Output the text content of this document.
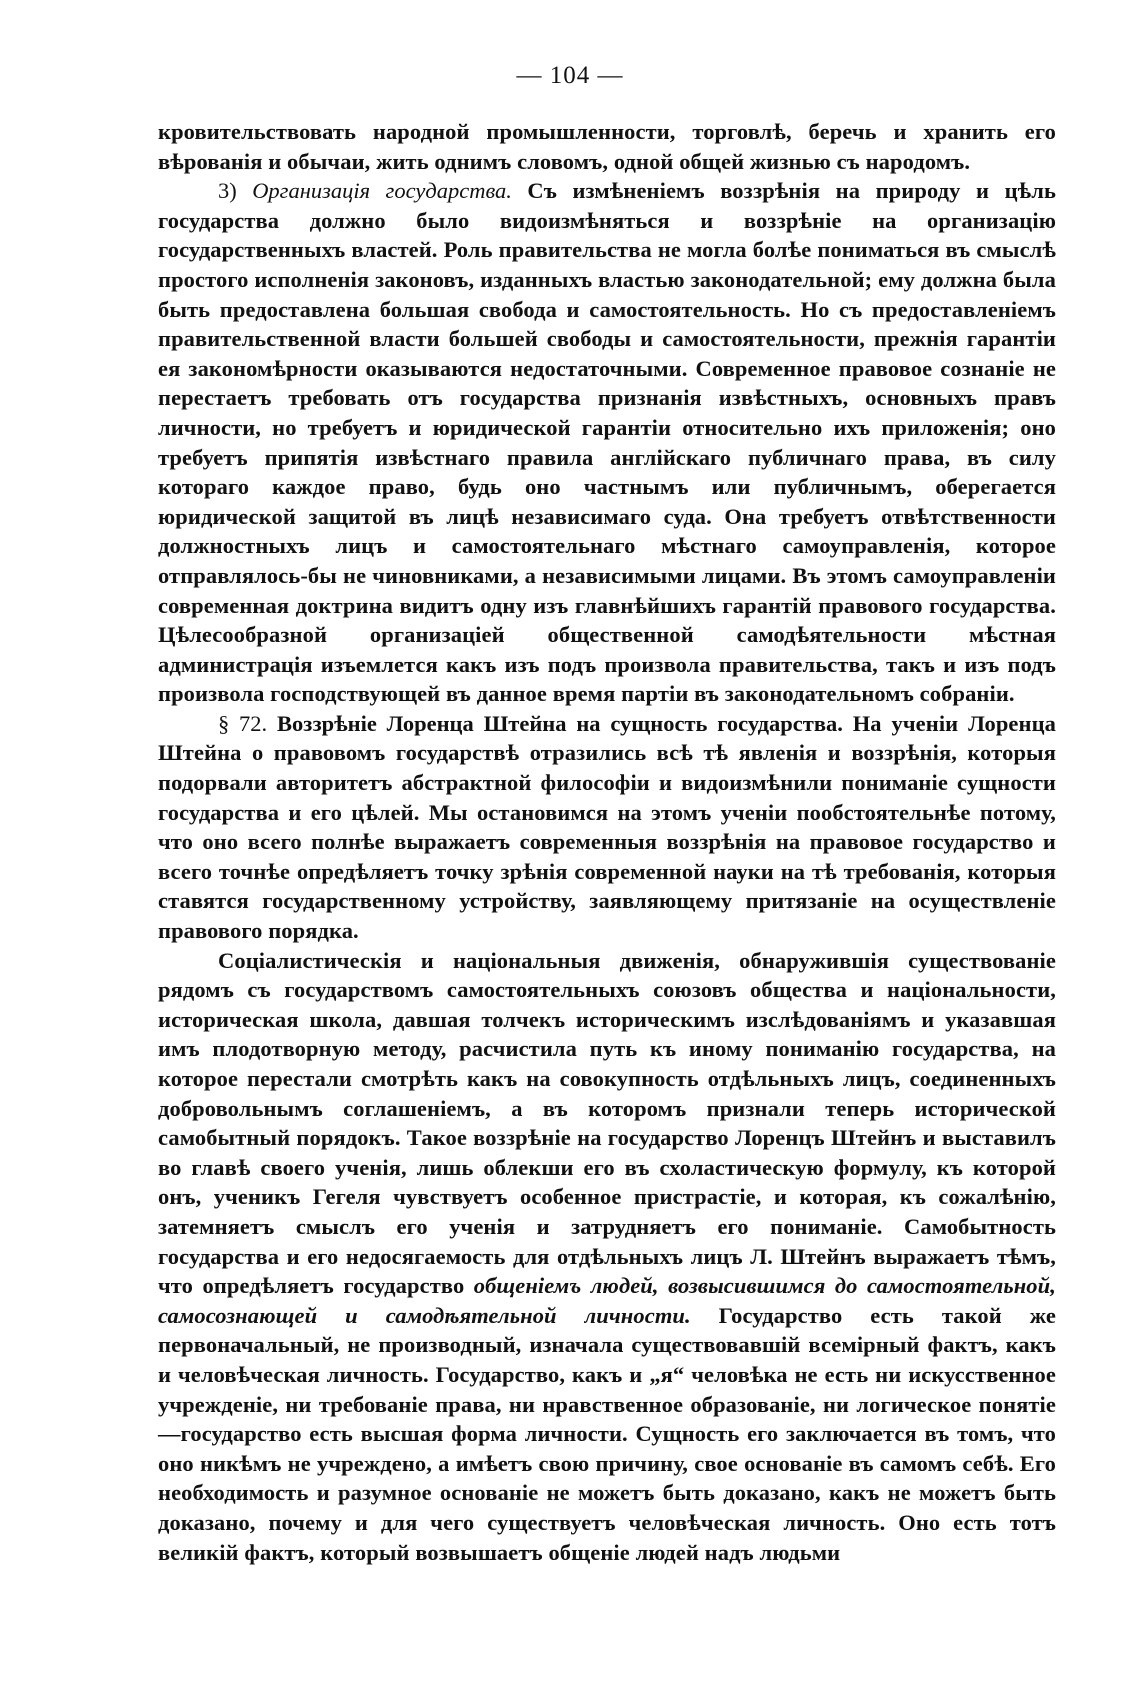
— 104 —

кровительствовать народной промышленности, торговлѣ, беречь и хранить его вѣрованія и обычаи, жить однимъ словомъ, одной общей жизнью съ народомъ.

3) Организація государства. Съ измѣненіемъ воззрѣнія на природу и цѣль государства должно было видоизмѣняться и воззрѣніе на организацію государственныхъ властей. Роль правительства не могла болѣе пониматься въ смыслѣ простого исполненія законовъ, изданныхъ властью законодательной; ему должна была быть предоставлена большая свобода и самостоятельность. Но съ предоставленіемъ правительственной власти большей свободы и самостоятельности, прежнія гарантіи ея закономѣрности оказываются недостаточными. Современное правовое сознаніе не перестаетъ требовать отъ государства признанія извѣстныхъ, основныхъ правъ личности, но требуетъ и юридической гарантіи относительно ихъ приложенія; оно требуетъ припятія извѣстнаго правила англійскаго публичнаго права, въ силу котораго каждое право, будь оно частнымъ или публичнымъ, оберегается юридической защитой въ лицѣ независимаго суда. Она требуетъ отвѣтственности должностныхъ лицъ и самостоятельнаго мѣстнаго самоуправленія, которое отправлялось-бы не чиновниками, а независимыми лицами. Въ этомъ самоуправленіи современная доктрина видитъ одну изъ главнѣйшихъ гарантій правового государства. Цѣлесообразной организаціей общественной самодѣятельности мѣстная администрація изъемлется какъ изъ подъ произвола правительства, такъ и изъ подъ произвола господствующей въ данное время партіи въ законодательномъ собраніи.

§ 72. Воззрѣніе Лоренца Штейна на сущность государства. На ученіи Лоренца Штейна о правовомъ государствѣ отразились всѣ тѣ явленія и воззрѣнія, которыя подорвали авторитетъ абстрактной философіи и видоизмѣнили пониманіе сущности государства и его цѣлей. Мы остановимся на этомъ ученіи пообстоятельнѣе потому, что оно всего полнѣе выражаетъ современныя воззрѣнія на правовое государство и всего точнѣе опредѣляетъ точку зрѣнія современной науки на тѣ требованія, которыя ставятся государственному устройству, заявляющему притязаніе на осуществленіе правового порядка.

Соціалистическія и національныя движенія, обнаружившія существованіе рядомъ съ государствомъ самостоятельныхъ союзовъ общества и національности, историческая школа, давшая толчекъ историческимъ изслѣдованіямъ и указавшая имъ плодотворную методу, расчистила путь къ иному пониманію государства, на которое перестали смотрѣть какъ на совокупность отдѣльныхъ лицъ, соединенныхъ добровольнымъ соглашеніемъ, а въ которомъ признали теперь исторической самобытный порядокъ. Такое воззрѣніе на государство Лоренцъ Штейнъ и выставилъ во главѣ своего ученія, лишь облекши его въ схоластическую формулу, къ которой онъ, ученикъ Гегеля чувствуетъ особенное пристрастіе, и которая, къ сожалѣнію, затемняетъ смыслъ его ученія и затрудняетъ его пониманіе. Самобытность государства и его недосягаемость для отдѣльныхъ лицъ Л. Штейнъ выражаетъ тѣмъ, что опредѣляетъ государство общеніемъ людей, возвысившимся до самостоятельной, самосознающей и самодѣятельной личности. Государство есть такой же первоначальный, не производный, изначала существовавшій всемірный фактъ, какъ и человѣческая личность. Государство, какъ и „я“ человѣка не есть ни искусственное учрежденіе, ни требованіе права, ни нравственное образованіе, ни логическое понятіе—государство есть высшая форма личности. Сущность его заключается въ томъ, что оно никѣмъ не учреждено, а имѣетъ свою причину, свое основаніе въ самомъ себѣ. Его необходимость и разумное основаніе не можетъ быть доказано, какъ не можетъ быть доказано, почему и для чего существуетъ человѣческая личность. Оно есть тотъ великій фактъ, который возвышаетъ общеніе людей надъ людьми
